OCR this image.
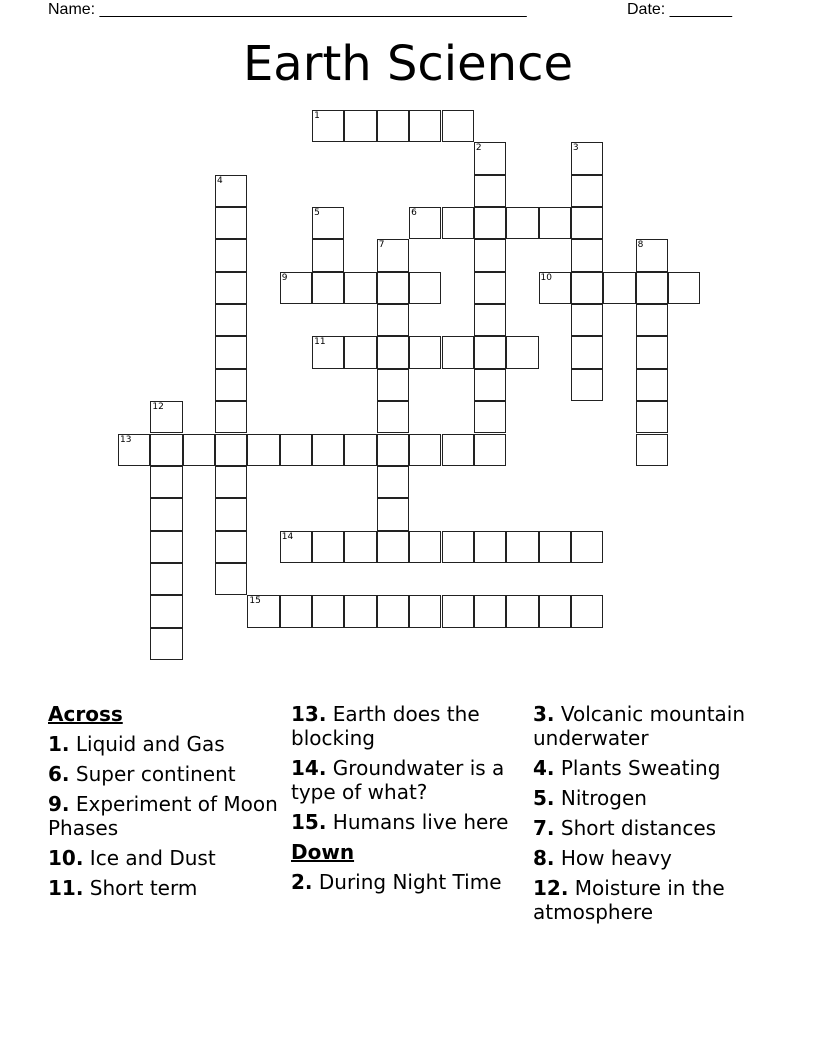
Name: ________________________________________________	Date: _______
Earth Science
1
2	3
4
5	6
7	8
9	10
11
12
13
14
15
Across
1. Liquid and Gas
6. Super continent
9. Experiment of Moon Phases
10. Ice and Dust
11. Short term
13. Earth does the blocking
14. Groundwater is a type of what?
15. Humans live here
Down
2. During Night Time
3. Volcanic mountain underwater
4. Plants Sweating
5. Nitrogen
7. Short distances
8. How heavy
12. Moisture in the atmosphere
